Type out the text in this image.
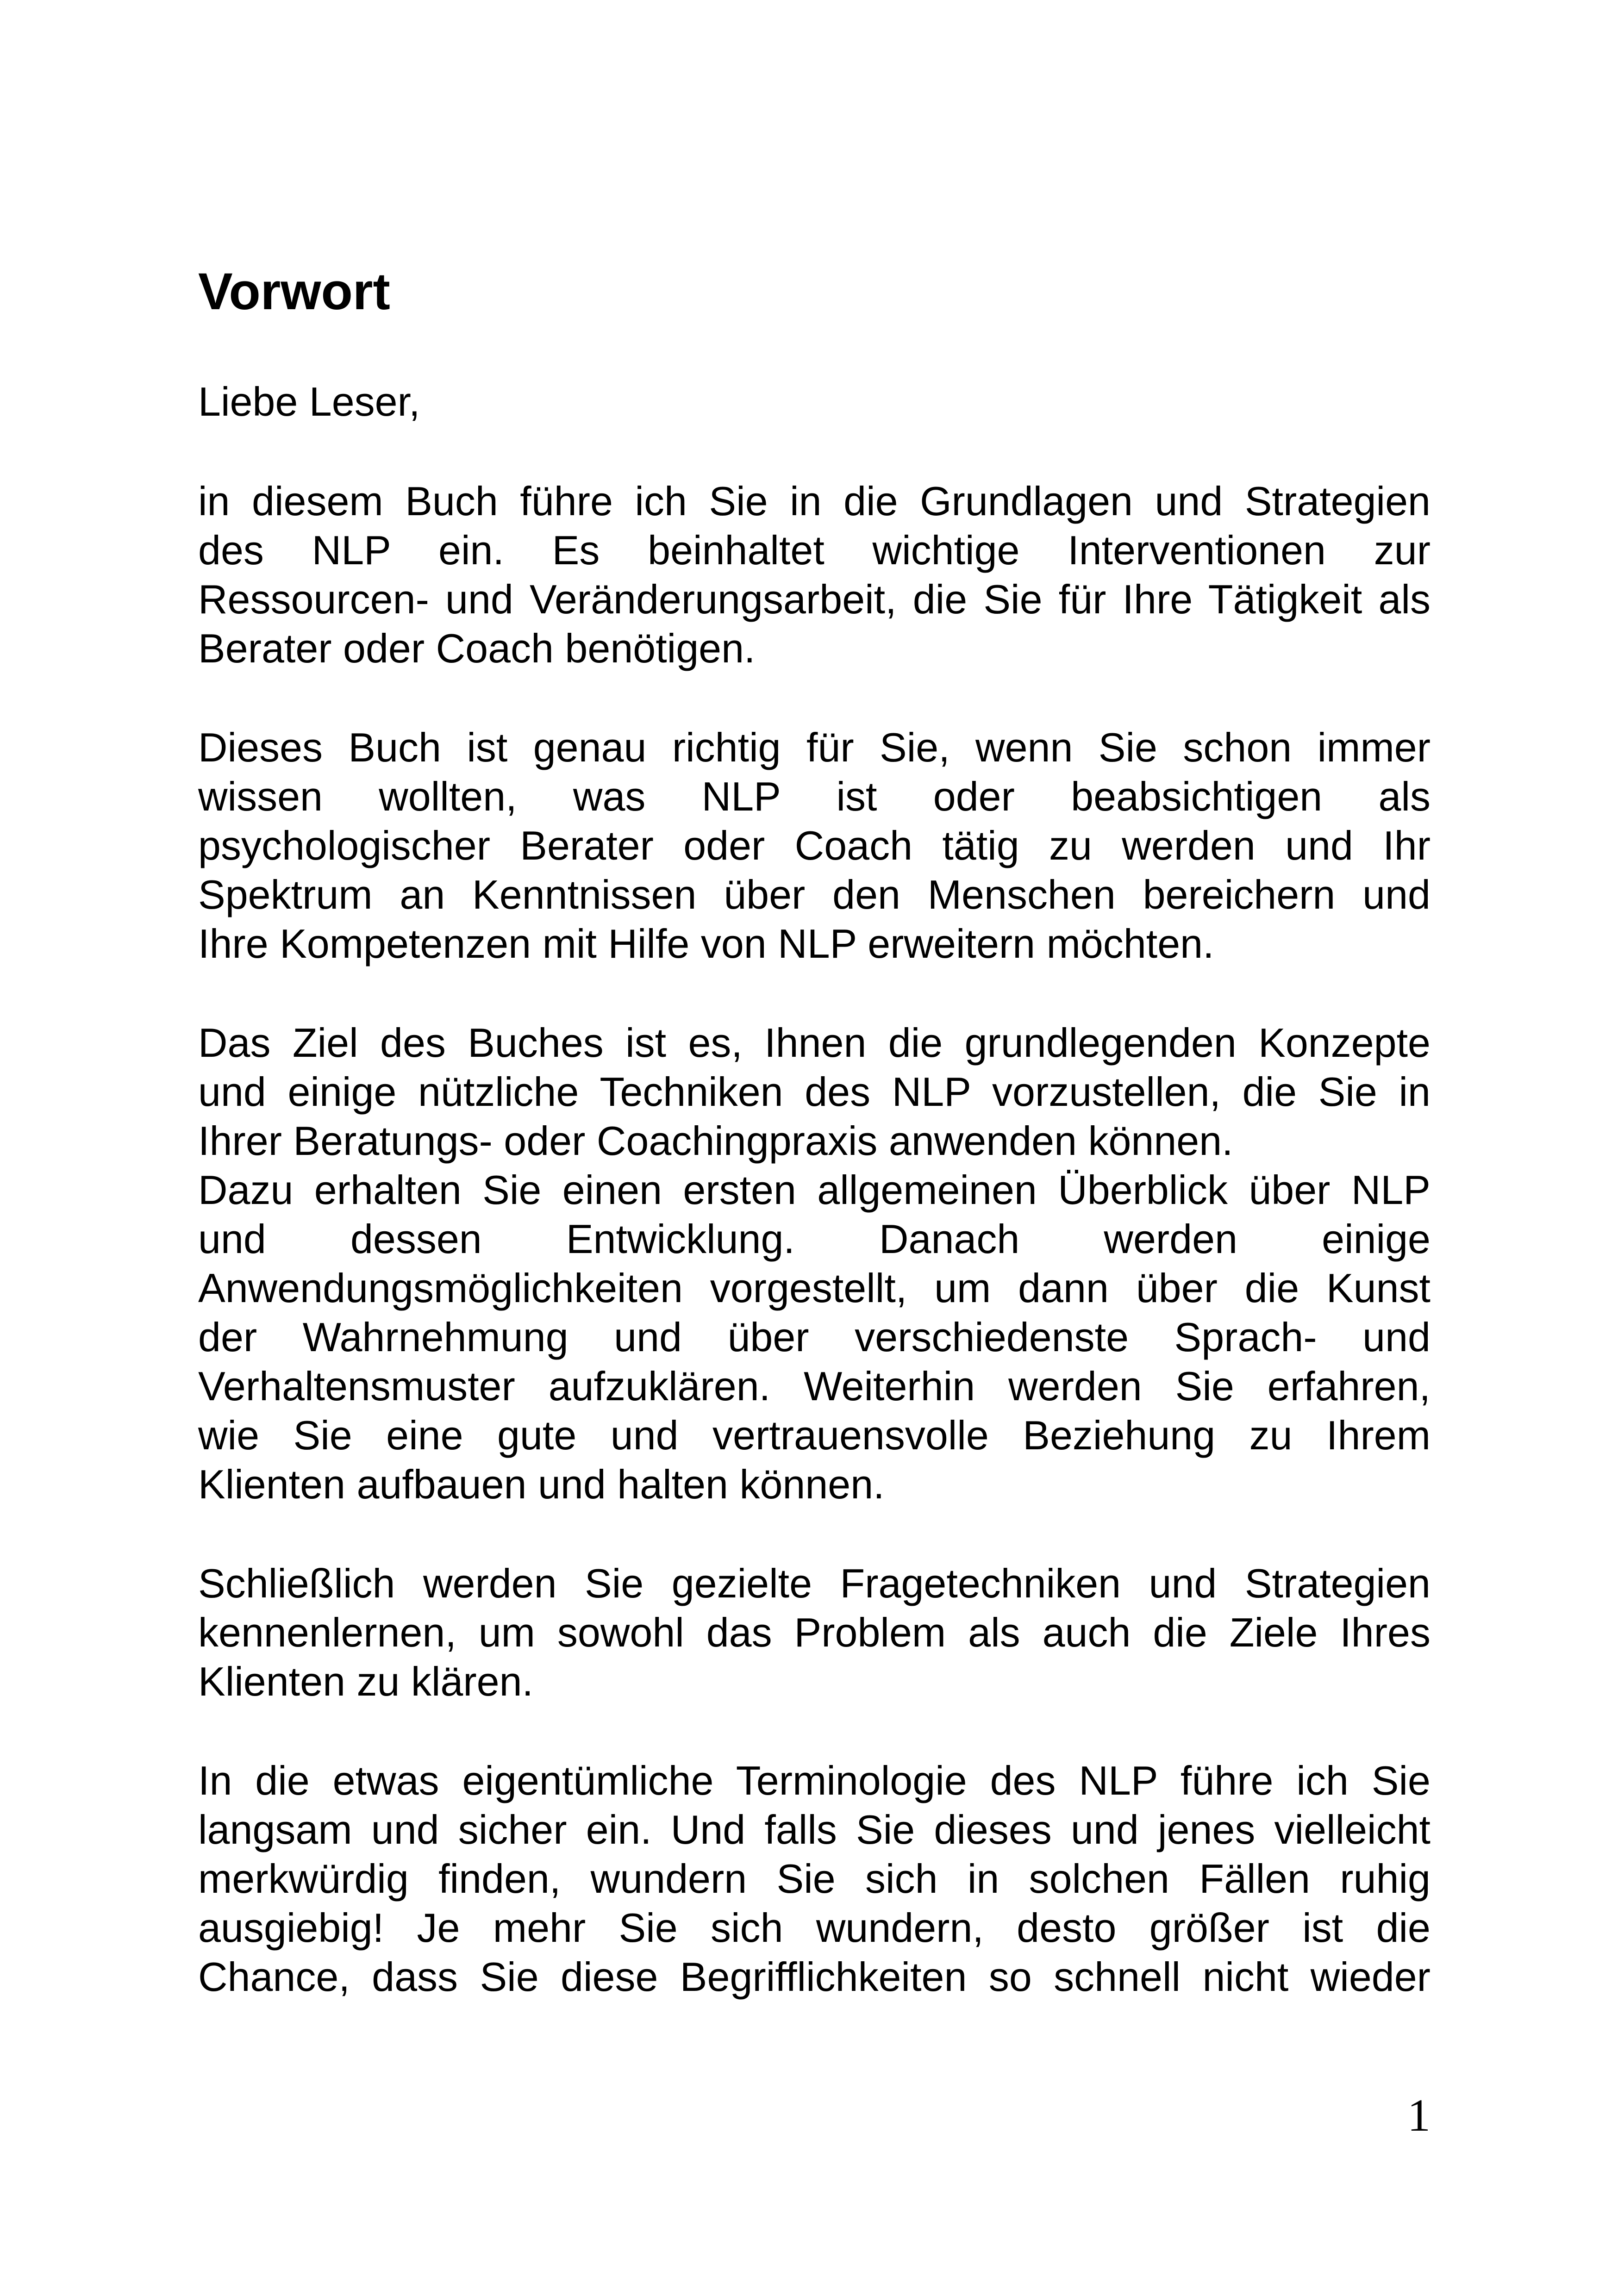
Vorwort
Liebe Leser,
in diesem Buch führe ich Sie in die Grundlagen und Strategien
des NLP ein. Es beinhaltet wichtige Interventionen zur
Ressourcen- und Veränderungsarbeit, die Sie für Ihre Tätigkeit als
Berater oder Coach benötigen.
Dieses Buch ist genau richtig für Sie, wenn Sie schon immer
wissen wollten, was NLP ist oder beabsichtigen als
psychologischer Berater oder Coach tätig zu werden und Ihr
Spektrum an Kenntnissen über den Menschen bereichern und
Ihre Kompetenzen mit Hilfe von NLP erweitern möchten.
Das Ziel des Buches ist es, Ihnen die grundlegenden Konzepte
und einige nützliche Techniken des NLP vorzustellen, die Sie in
Ihrer Beratungs- oder Coachingpraxis anwenden können.
Dazu erhalten Sie einen ersten allgemeinen Überblick über NLP
und dessen Entwicklung. Danach werden einige
Anwendungsmöglichkeiten vorgestellt, um dann über die Kunst
der Wahrnehmung und über verschiedenste Sprach- und
Verhaltensmuster aufzuklären. Weiterhin werden Sie erfahren,
wie Sie eine gute und vertrauensvolle Beziehung zu Ihrem
Klienten aufbauen und halten können.
Schließlich werden Sie gezielte Fragetechniken und Strategien
kennenlernen, um sowohl das Problem als auch die Ziele Ihres
Klienten zu klären.
In die etwas eigentümliche Terminologie des NLP führe ich Sie
langsam und sicher ein. Und falls Sie dieses und jenes vielleicht
merkwürdig finden, wundern Sie sich in solchen Fällen ruhig
ausgiebig! Je mehr Sie sich wundern, desto größer ist die
Chance, dass Sie diese Begrifflichkeiten so schnell nicht wieder
1
